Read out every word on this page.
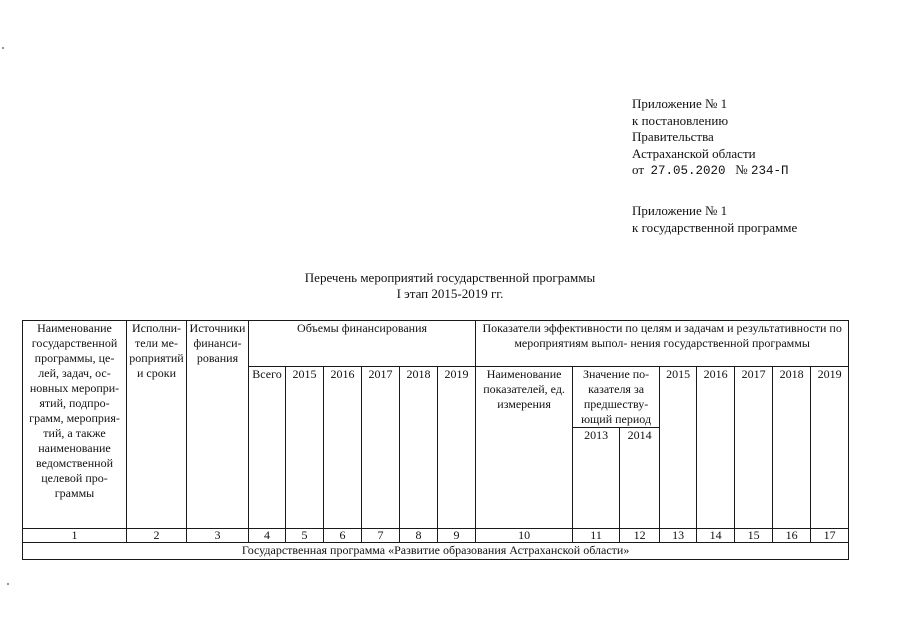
Приложение № 1
к постановлению
Правительства
Астраханской области
от 27.05.2020 № 234-П
Приложение № 1
к государственной программе
Перечень мероприятий государственной программы
I этап 2015-2019 гг.
Наименование государственной программы, це- лей, задач, ос- новных меропри- ятий, подпро- грамм, мероприя- тий, а также наименование ведомственной целевой про- граммы	Исполни- тели ме- роприятий и сроки	Источники финанси- рования	Объемы финансирования						Показатели эффективности по целям и задачам и результативности по мероприятиям выпол- нения государственной программы							
			Всего	2015	2016	2017	2018	2019	Наименование показателей, ед. измерения	Значение по- казателя за предшеству- ющий период		2015	2016	2017	2018	2019
										2013	2014					
1	2	3	4	5	6	7	8	9	10	11	12	13	14	15	16	17
Государственная программа «Развитие образования Астраханской области»																
